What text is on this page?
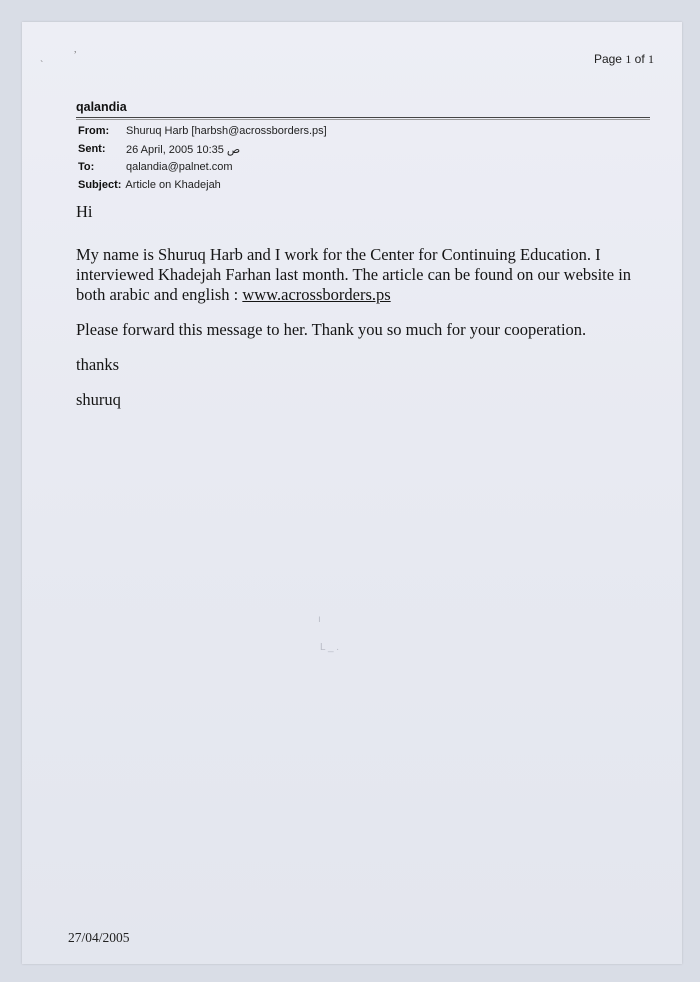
,
`	Page 1 of 1
qalandia
From:	Shuruq Harb [harbsh@acrossborders.ps]
Sent:	26 April, 2005 10:35 ص
To:	qalandia@palnet.com
Subject: Article on Khadejah

Hi

My name is Shuruq Harb and I work for the Center for Continuing Education. I interviewed Khadejah Farhan last month. The article can be found on our website in both arabic and english : www.acrossborders.ps

Please forward this message to her. Thank you so much for your cooperation.

thanks

shuruq

ı
L _ .
27/04/2005
